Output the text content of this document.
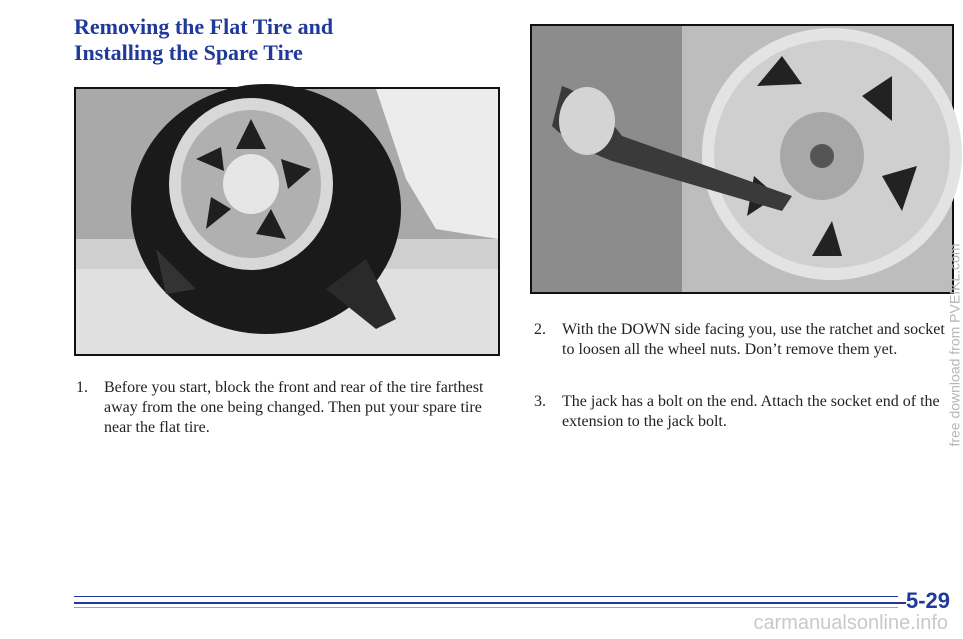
Removing the Flat Tire and
Installing the Spare Tire
1. Before you start, block the front and rear of the tire farthest away from the one being changed. Then put your spare tire near the flat tire.
2. With the DOWN side facing you, use the ratchet and socket to loosen all the wheel nuts. Don’t remove them yet.
3. The jack has a bolt on the end. Attach the socket end of the extension to the jack bolt.
5-29
free download from PVEIKL.com
carmanualsonline.info
